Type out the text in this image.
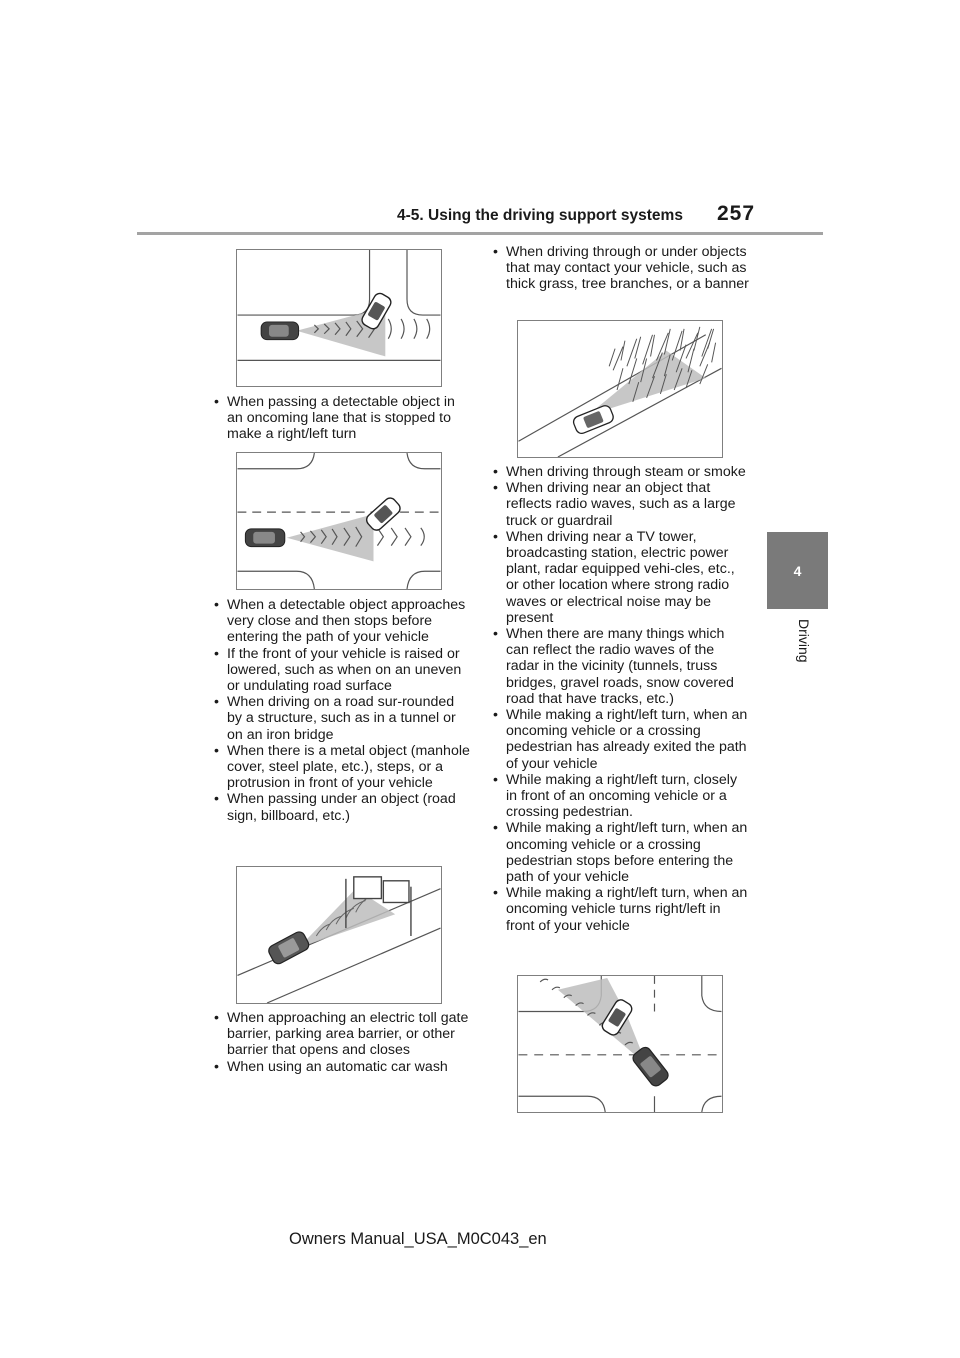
4-5. Using the driving support systems 257
4
Driving
• When passing a detectable object in an oncoming lane that is stopped to make a right/left turn
• When a detectable object approaches very close and then stops before entering the path of your vehicle
• If the front of your vehicle is raised or lowered, such as when on an uneven or undulating road surface
• When driving on a road sur-rounded by a structure, such as in a tunnel or on an iron bridge
• When there is a metal object (manhole cover, steel plate, etc.), steps, or a protrusion in front of your vehicle
• When passing under an object (road sign, billboard, etc.)
• When approaching an electric toll gate barrier, parking area barrier, or other barrier that opens and closes
• When using an automatic car wash
• When driving through or under objects that may contact your vehicle, such as thick grass, tree branches, or a banner
• When driving through steam or smoke
• When driving near an object that reflects radio waves, such as a large truck or guardrail
• When driving near a TV tower, broadcasting station, electric power plant, radar equipped vehi-cles, etc., or other location where strong radio waves or electrical noise may be present
• When there are many things which can reflect the radio waves of the radar in the vicinity (tunnels, truss bridges, gravel roads, snow covered road that have tracks, etc.)
• While making a right/left turn, when an oncoming vehicle or a crossing pedestrian has already exited the path of your vehicle
• While making a right/left turn, closely in front of an oncoming vehicle or a crossing pedestrian.
• While making a right/left turn, when an oncoming vehicle or a crossing pedestrian stops before entering the path of your vehicle
• While making a right/left turn, when an oncoming vehicle turns right/left in front of your vehicle
Owners Manual_USA_M0C043_en
